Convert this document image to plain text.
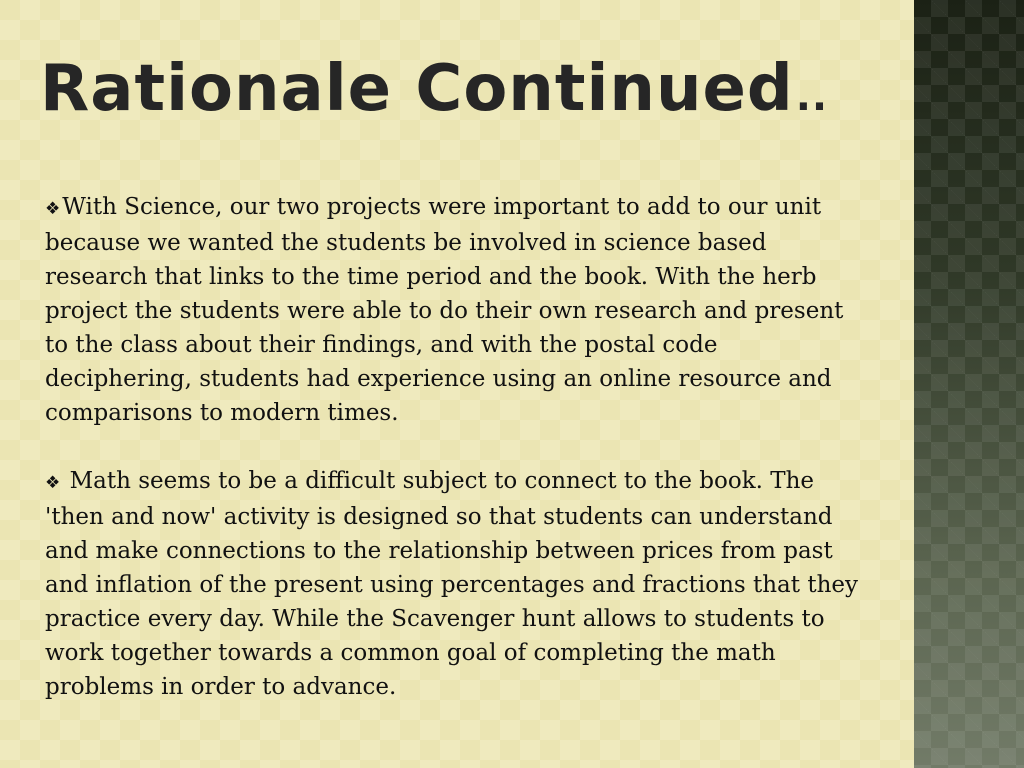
Rationale Continued..

❖With Science, our two projects were important to add to our unit because we wanted the students be involved in science based research that links to the time period and the book. With the herb project the students were able to do their own research and present to the class about their findings, and with the postal code deciphering, students had experience using an online resource and comparisons to modern times.

❖ Math seems to be a difficult subject to connect to the book. The 'then and now' activity is designed so that students can understand and make connections to the relationship between prices from past and inflation of the present using percentages and fractions that they practice every day. While the Scavenger hunt allows to students to work together towards a common goal of completing the math problems in order to advance.
